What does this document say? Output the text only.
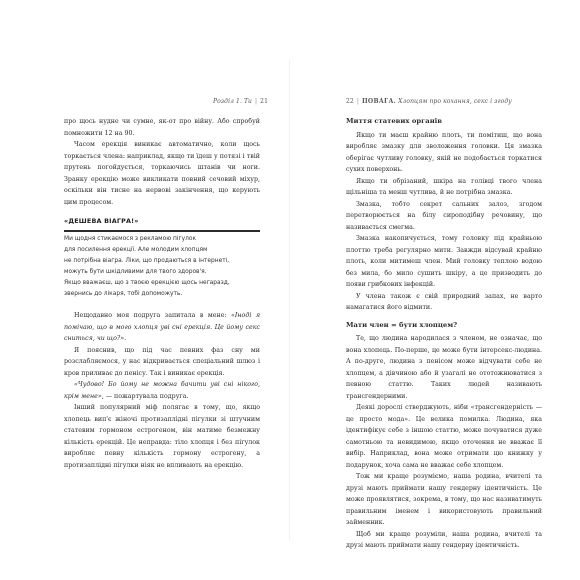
Розділ 1. Ти | 21	22 | ПОВАГА. Хлопцям про кохання, секс і згоду

про щось нудне чи сумне, як-от про війну. Або спробуй помножити 12 на 90.

Часом ерекція виникає автоматично, коли щось торкається члена: наприклад, якщо ти їдеш у потязі і твій прутень погойдується, торкаючись штанів чи ноги. Зранку ерекцію може викликати повний сечовий міхур, оскільки він тисне на нервові закінчення, що керують цим процесом.

«ДЕШЕВА ВІАГРА!»
Ми щодня стикаємося з рекламою пігулок
для посилення ерекції. Але молодим хлопцям
не потрібна віагра. Ліки, що продаються в інтернеті,
можуть бути шкідливими для твого здоров'я.
Якщо вважаєш, що з твоєю ерекцією щось негаразд,
звернись до лікаря, тобі допоможуть.

Нещодавно моя подруга запитала в мене: «Іноді я помічаю, що в мого хлопця уві сні ерекція. Це йому секс сниться, чи що?».

Я пояснив, що під час певних фаз сну ми розслабляємося, у нас відкривається спеціальний шлюз і кров приливає до пенісу. Так і виникає ерекція.

«Чудово! Бо йому не можна бачити уві сні нікого, крім мене», — пожартувала подруга.

Інший популярний міф полягає в тому, що, якщо хлопець вип'є жіночі протизаплідні пігулки зі штучним статевим гормоном естрогеном, він матиме безмежну кількість ерекцій. Це неправда: тіло хлопця і без пігулок виробляє певну кількість гормону естрогену, а протизаплідні пігулки ніяк не впливають на ерекцію.

Миття статевих органів

Якщо ти маєш крайню плоть, ти помітиш, що вона виробляє змазку для зволоження головки. Ця змазка оберігає чутливу головку, якій не подобається торкатися сухих поверхонь.

Якщо ти обрізаний, шкіра на голівці твого члена щільніша та менш чутлива, й не потрібна змазка.

Змазка, тобто секрет сальних залоз, згодом перетворюється на білу сироподібну речовину, що називається смегма.

Змазка накопичується, тому головку під крайньою плоттю треба регулярно мити. Завжди відсувай крайню плоть, коли митимеш член. Мий головку теплою водою без мила, бо мило сушить шкіру, а це призводить до появи грибкових інфекцій.

У члена також є свій природний запах, не варто намагатися його відмити.

Мати член = бути хлопцем?

Те, що людина народилася з членом, не означає, що вона хлопець. По-перше, це може бути інтерсекс-людина. А по-друге, людина з пенісом може відчувати себе не хлопцем, а дівчиною або й узагалі не ототожнюватися з певною статтю. Таких людей називають трансгендерними.

Деякі дорослі стверджують, ніби «трансгендерність — це просто мода». Це велика помилка. Людина, яка ідентифікує себе з іншою статтю, може почуватися дуже самотньою та невидимою, якщо оточення не вважає її вибір. Наприклад, вона може отримати цю книжку у подарунок, хоча сама не вважає себе хлопцем.

Тож ми краще розуміємо, наша родина, вчителі та друзі мають приймати нашу гендерну ідентичність. Це може проявлятися, зокрема, в тому, що нас називатимуть правильним іменем і використовують правильний займенник.

Щоб ми краще розуміли, наша родина, вчителі та друзі мають приймати нашу гендерну ідентичність.
